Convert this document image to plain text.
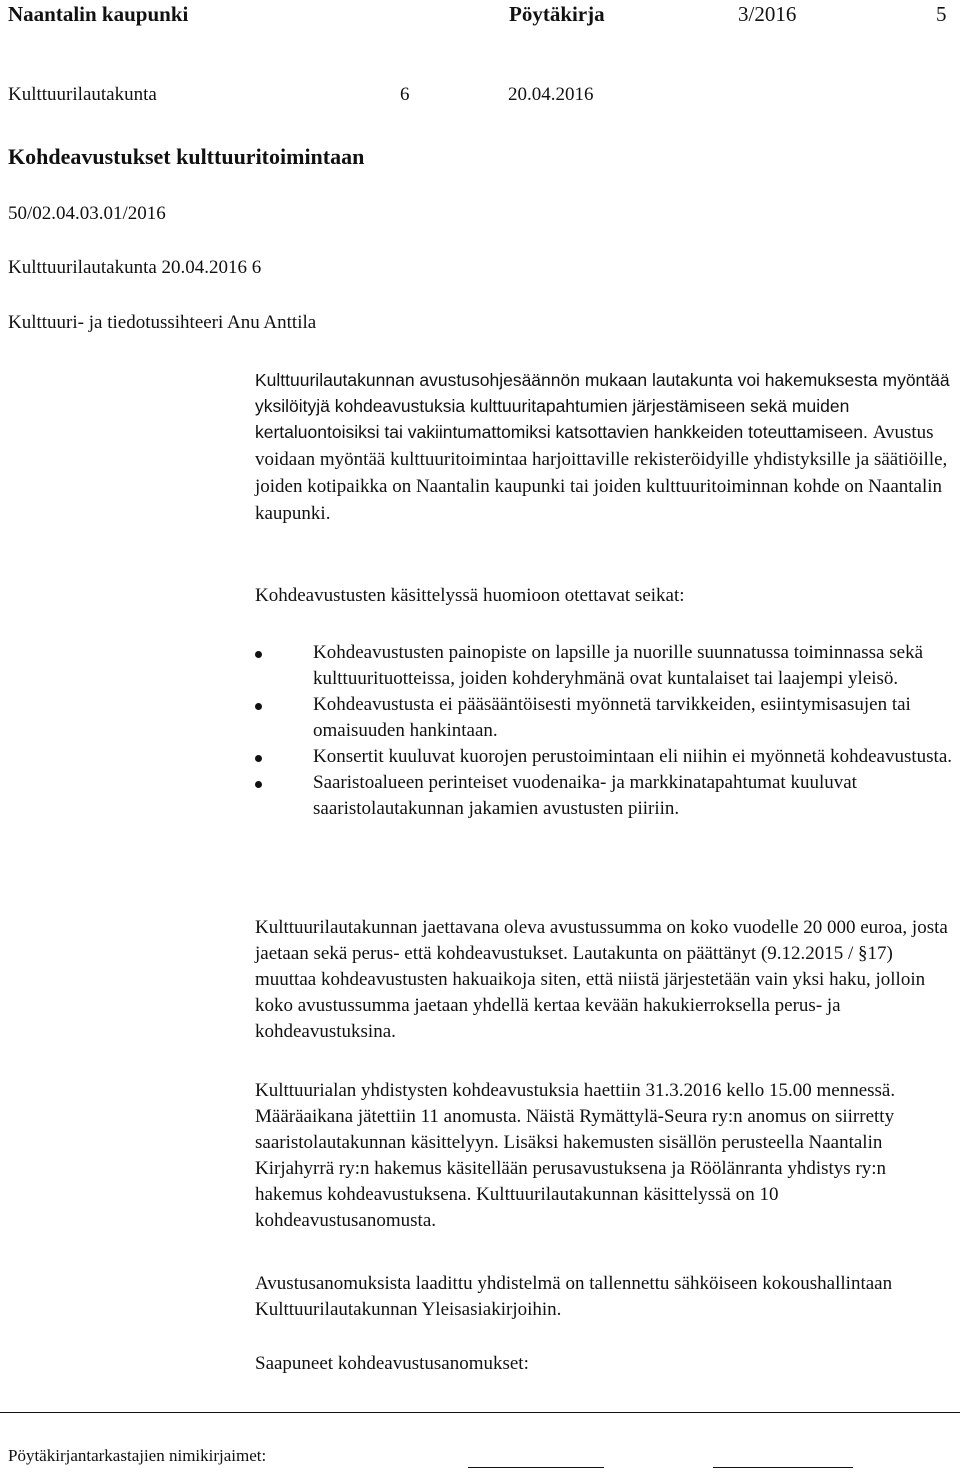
Naantalin kaupunki	Pöytäkirja	3/2016	5
Kulttuurilautakunta	6	20.04.2016
Kohdeavustukset kulttuuritoimintaan
50/02.04.03.01/2016
Kulttuurilautakunta 20.04.2016 6
Kulttuuri- ja tiedotussihteeri Anu Anttila
Kulttuurilautakunnan avustusohjesäännön mukaan lautakunta voi hakemuksesta myöntää yksilöityjä kohdeavustuksia kulttuuritapahtumien järjestämiseen sekä muiden kertaluontoisiksi tai vakiintumattomiksi katsottavien hankkeiden toteuttamiseen. Avustus voidaan myöntää kulttuuritoimintaa harjoittaville rekisteröidyille yhdistyksille ja säätiöille, joiden kotipaikka on Naantalin kaupunki tai joiden kulttuuritoiminnan kohde on Naantalin kaupunki.
Kohdeavustusten käsittelyssä huomioon otettavat seikat:
Kohdeavustusten painopiste on lapsille ja nuorille suunnatussa toiminnassa sekä kulttuurituotteissa, joiden kohderyhmänä ovat kuntalaiset tai laajempi yleisö.
Kohdeavustusta ei pääsääntöisesti myönnetä tarvikkeiden, esiintymisasujen tai omaisuuden hankintaan.
Konsertit kuuluvat kuorojen perustoimintaan eli niihin ei myönnetä kohdeavustusta.
Saaristoalueen perinteiset vuodenaika- ja markkinatapahtumat kuuluvat saaristolautakunnan jakamien avustusten piiriin.
Kulttuurilautakunnan jaettavana oleva avustussumma on koko vuodelle 20 000 euroa, josta jaetaan sekä perus- että kohdeavustukset. Lautakunta on päättänyt (9.12.2015 / §17) muuttaa kohdeavustusten hakuaikoja siten, että niistä järjestetään vain yksi haku, jolloin koko avustussumma jaetaan yhdellä kertaa kevään hakukierroksella perus- ja kohdeavustuksina.
Kulttuurialan yhdistysten kohdeavustuksia haettiin 31.3.2016 kello 15.00 mennessä. Määräaikana jätettiin 11 anomusta. Näistä Rymättylä-Seura ry:n anomus on siirretty saaristolautakunnan käsittelyyn. Lisäksi hakemusten sisällön perusteella Naantalin Kirjahyrrä ry:n hakemus käsitellään perusavustuksena ja Röölänranta yhdistys ry:n hakemus kohdeavustuksena. Kulttuurilautakunnan käsittelyssä on 10 kohdeavustusanomusta.
Avustusanomuksista laadittu yhdistelmä on tallennettu sähköiseen kokoushallintaan Kulttuurilautakunnan Yleisasiakirjoihin.
Saapuneet kohdeavustusanomukset:
Pöytäkirjantarkastajien nimikirjaimet:
